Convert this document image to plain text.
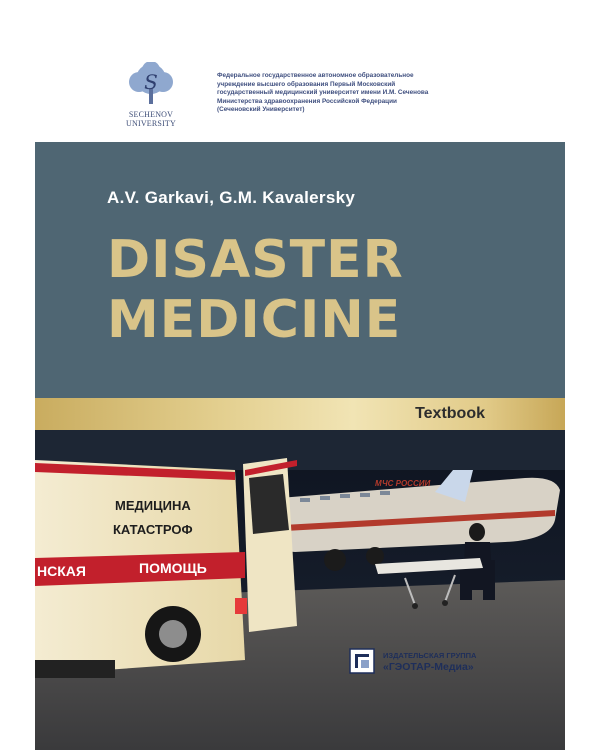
S
SECHENOV UNIVERSITY
Федеральное государственное автономное образовательное
учреждение высшего образования Первый Московский
государственный медицинский университет имени И.М. Сеченова
Министерства здравоохранения Российской Федерации
(Сеченовский Университет)
A.V. Garkavi, G.M. Kavalersky
DISASTER
MEDICINE
Textbook
МЧС РОССИИ
МЕДИЦИНА
КАТАСТРОФ
НСКАЯ	ПОМОЩЬ
ИЗДАТЕЛЬСКАЯ ГРУППА
«ГЭОТАР-Медиа»
